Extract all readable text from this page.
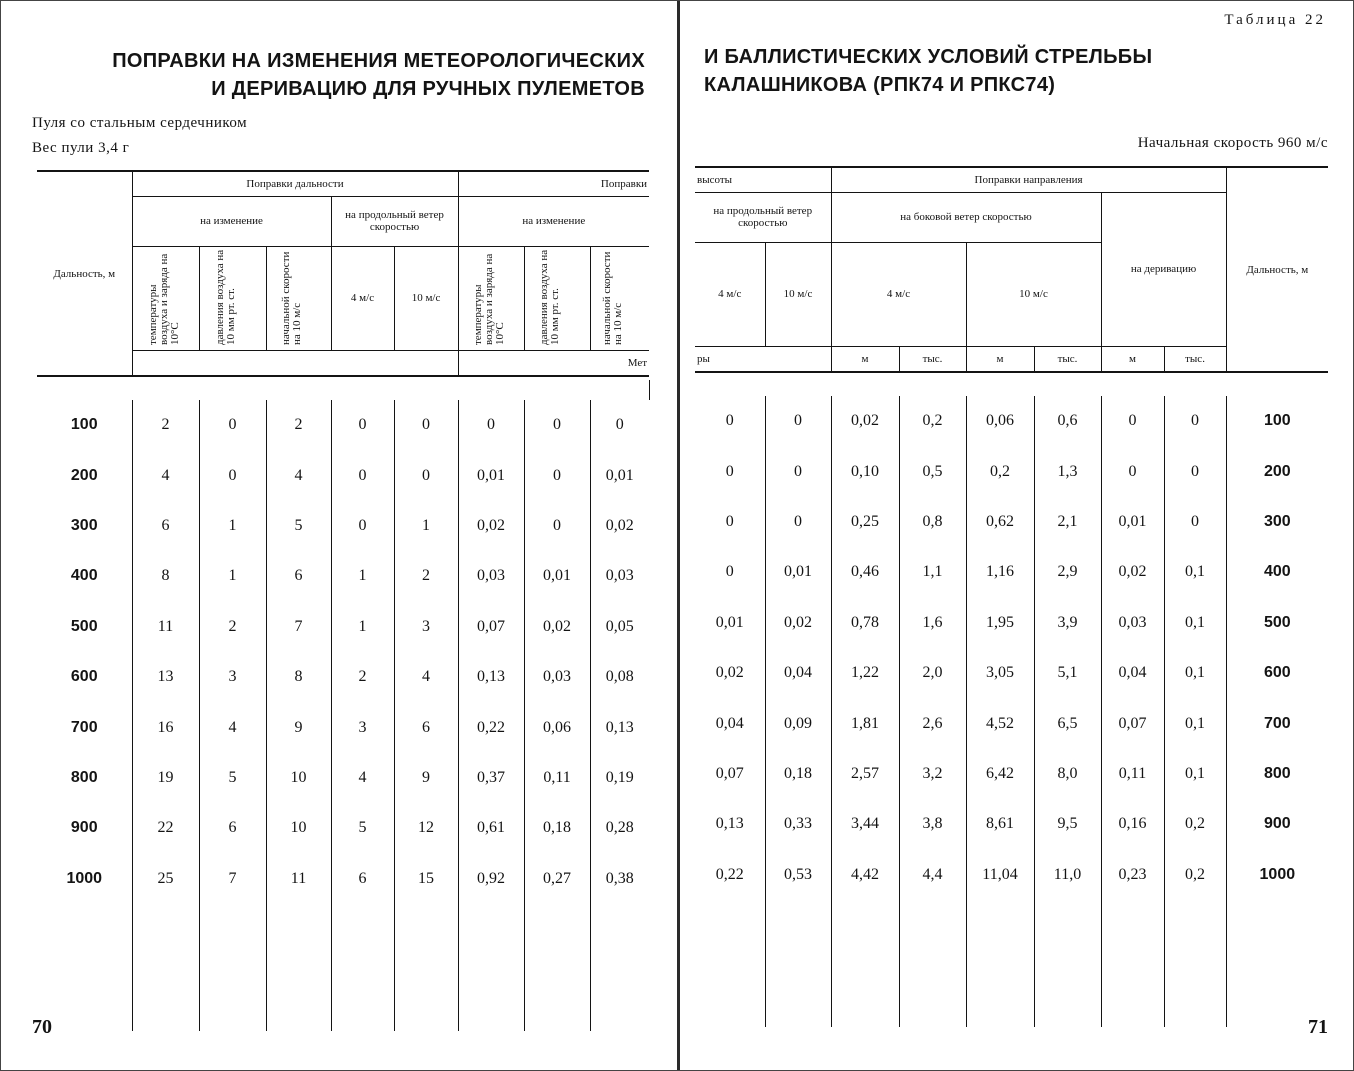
ПОПРАВКИ НА ИЗМЕНЕНИЯ МЕТЕОРОЛОГИЧЕСКИХ
И ДЕРИВАЦИЮ ДЛЯ РУЧНЫХ ПУЛЕМЕТОВ

Пуля со стальным сердечником

Вес пули 3,4 г

Дальность, м	Поправки дальности					Поправки		
	на изменение			на продольный ветер скоростью		на изменение		
	температуры воздуха и заряда на 10°С	давления воздуха на 10 мм рт. ст.	начальной скорости на 10 м/с	4 м/с	10 м/с	температуры воздуха и заряда на 10°С	давления воздуха на 10 мм рт. ст.	начальной скорости на 10 м/с
						Мет		

100	2	0	2	0	0	0	0	0
200	4	0	4	0	0	0,01	0	0,01
300	6	1	5	0	1	0,02	0	0,02
400	8	1	6	1	2	0,03	0,01	0,03
500	11	2	7	1	3	0,07	0,02	0,05
600	13	3	8	2	4	0,13	0,03	0,08
700	16	4	9	3	6	0,22	0,06	0,13
800	19	5	10	4	9	0,37	0,11	0,19
900	22	6	10	5	12	0,61	0,18	0,28
1000	25	7	11	6	15	0,92	0,27	0,38

70
Таблица 22
И БАЛЛИСТИЧЕСКИХ УСЛОВИЙ СТРЕЛЬБЫ
КАЛАШНИКОВА (РПК74 И РПКС74)

Начальная скорость 960 м/с

высоты		Поправки направления						Дальность, м
на продольный ветер скоростью		на боковой ветер скоростью				на деривацию		
4 м/с	10 м/с	4 м/с		10 м/с				
ры		м	тыс.	м	тыс.	м	тыс.	

0	0	0,02	0,2	0,06	0,6	0	0	100
0	0	0,10	0,5	0,2	1,3	0	0	200
0	0	0,25	0,8	0,62	2,1	0,01	0	300
0	0,01	0,46	1,1	1,16	2,9	0,02	0,1	400
0,01	0,02	0,78	1,6	1,95	3,9	0,03	0,1	500
0,02	0,04	1,22	2,0	3,05	5,1	0,04	0,1	600
0,04	0,09	1,81	2,6	4,52	6,5	0,07	0,1	700
0,07	0,18	2,57	3,2	6,42	8,0	0,11	0,1	800
0,13	0,33	3,44	3,8	8,61	9,5	0,16	0,2	900
0,22	0,53	4,42	4,4	11,04	11,0	0,23	0,2	1000

71
